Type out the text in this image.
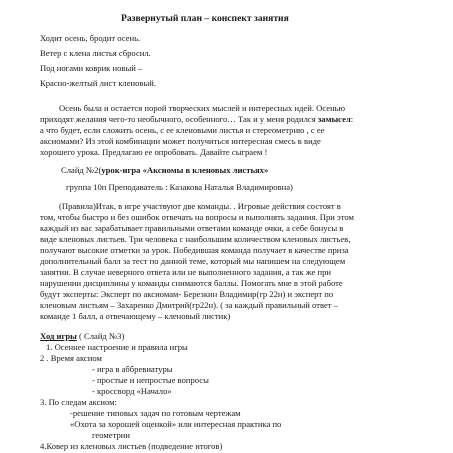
Развернутый план – конспект занятия
Ходит осень, бродит осень.
Ветер с клена листья сбросил.
Под ногами коврик новый –
Красно-желтый лист кленовый.
Осень была и остается порой творческих мыслей и интересных идей. Осенью
приходят желания чего-то необычного, особенного… Так и у меня родился замысел:
а что будет, если сложить осень, с ее кленовыми листья и стереометрию , с ее
аксиомами? Из этой комбинации может получиться интересная смесь в виде
хорошего урока. Предлагаю ее опробовать. Давайте сыграем !
Слайд №2(урок-игра «Аксиомы в кленовых листьях»
группа 10п Преподаватель : Казакова Наталья Владимировна)
(Правила)Итак, в игре участвуют две команды. . Игровые действия состоят в
том, чтобы быстро и без ошибок отвечать на вопросы и выполнять задания. При этом
каждый из вас зарабатывает правильными ответами команде очки, а себе бонусы в
виде кленовых листьев. Три человека с наибольшим количеством кленовых листьев,
получают высокие отметки за урок. Победившая команда получает в качестве приза
дополнительный балл за тест по данной теме, который мы напишем на следующем
занятии. В случае неверного ответа или не выполненного задания, а так же при
нарушении дисциплины у команды снимаются баллы. Помогать мне в этой работе
будут эксперты: Эксперт по аксиомам- Березкин Владимир(гр 22н) и эксперт по
кленовым листьям – Захаренко Дмитрий(гр22н). ( за каждый правильный ответ –
команде 1 балл, а отвечающему – кленовый листик)
Ход игры ( Слайд №3)
1. Осеннее настроение и правила игры
2 . Время аксиом
- игра в аббревиатуры
- простые и непростые вопросы
- кроссворд «Начало»
3. По следам аксиом:
-решение типовых задач по готовым чертежам
«Охота за хорошей оценкой» или интересная практика по
геометрии
4.Ковер из кленовых листьев (подведение итогов)
